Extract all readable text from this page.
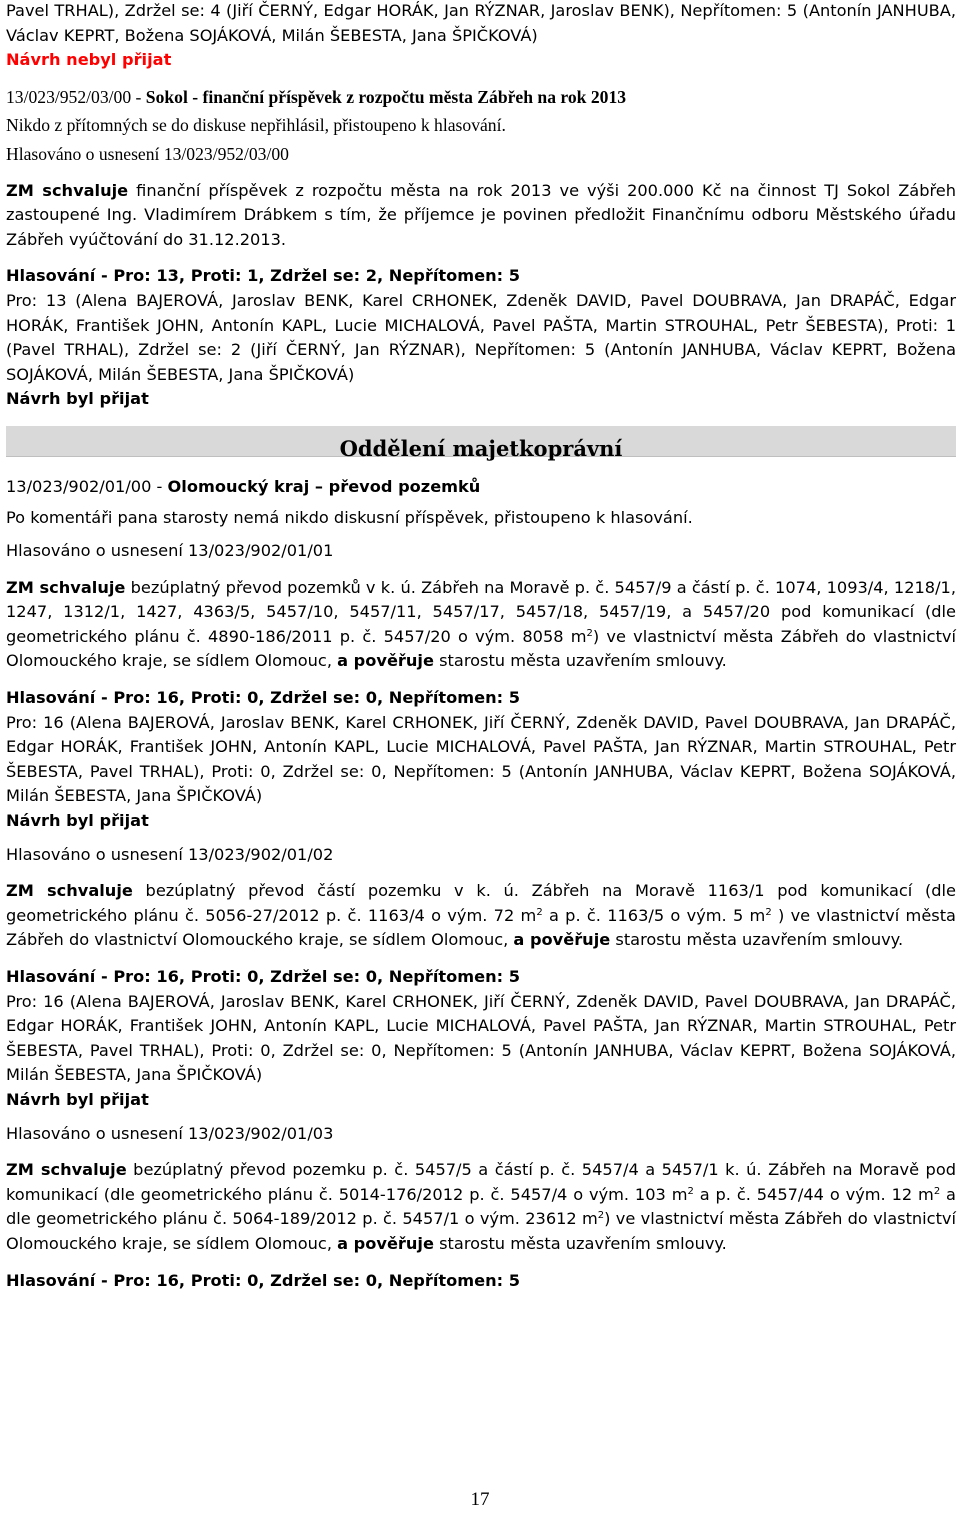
Pavel TRHAL), Zdržel se: 4 (Jiří ČERNÝ, Edgar HORÁK, Jan RÝZNAR, Jaroslav BENK), Nepřítomen: 5 (Antonín JANHUBA, Václav KEPRT, Božena SOJÁKOVÁ, Milán ŠEBESTA, Jana ŠPIČKOVÁ)

Návrh nebyl přijat

13/023/952/03/00 - Sokol - finanční příspěvek z rozpočtu města Zábřeh na rok 2013

Nikdo z přítomných se do diskuse nepřihlásil, přistoupeno k hlasování.

Hlasováno o usnesení 13/023/952/03/00

ZM schvaluje finanční příspěvek z rozpočtu města na rok 2013 ve výši 200.000 Kč na činnost TJ Sokol Zábřeh zastoupené Ing. Vladimírem Drábkem s tím, že příjemce je povinen předložit Finančnímu odboru Městského úřadu Zábřeh vyúčtování do 31.12.2013.

Hlasování - Pro: 13, Proti: 1, Zdržel se: 2, Nepřítomen: 5

Pro: 13 (Alena BAJEROVÁ, Jaroslav BENK, Karel CRHONEK, Zdeněk DAVID, Pavel DOUBRAVA, Jan DRAPÁČ, Edgar HORÁK, František JOHN, Antonín KAPL, Lucie MICHALOVÁ, Pavel PAŠTA, Martin STROUHAL, Petr ŠEBESTA), Proti: 1 (Pavel TRHAL), Zdržel se: 2 (Jiří ČERNÝ, Jan RÝZNAR), Nepřítomen: 5 (Antonín JANHUBA, Václav KEPRT, Božena SOJÁKOVÁ, Milán ŠEBESTA, Jana ŠPIČKOVÁ)

Návrh byl přijat

Oddělení majetkoprávní

13/023/902/01/00 - Olomoucký kraj – převod pozemků

Po komentáři pana starosty nemá nikdo diskusní příspěvek, přistoupeno k hlasování.

Hlasováno o usnesení 13/023/902/01/01

ZM schvaluje bezúplatný převod pozemků v k. ú. Zábřeh na Moravě p. č. 5457/9 a částí p. č. 1074, 1093/4, 1218/1, 1247, 1312/1, 1427, 4363/5, 5457/10, 5457/11, 5457/17, 5457/18, 5457/19, a 5457/20 pod komunikací (dle geometrického plánu č. 4890-186/2011 p. č. 5457/20 o vým. 8058 $m^2$) ve vlastnictví města Zábřeh do vlastnictví Olomouckého kraje, se sídlem Olomouc, a pověřuje starostu města uzavřením smlouvy.

Hlasování - Pro: 16, Proti: 0, Zdržel se: 0, Nepřítomen: 5

Pro: 16 (Alena BAJEROVÁ, Jaroslav BENK, Karel CRHONEK, Jiří ČERNÝ, Zdeněk DAVID, Pavel DOUBRAVA, Jan DRAPÁČ, Edgar HORÁK, František JOHN, Antonín KAPL, Lucie MICHALOVÁ, Pavel PAŠTA, Jan RÝZNAR, Martin STROUHAL, Petr ŠEBESTA, Pavel TRHAL), Proti: 0, Zdržel se: 0, Nepřítomen: 5 (Antonín JANHUBA, Václav KEPRT, Božena SOJÁKOVÁ, Milán ŠEBESTA, Jana ŠPIČKOVÁ)

Návrh byl přijat

Hlasováno o usnesení 13/023/902/01/02

ZM schvaluje bezúplatný převod částí pozemku v k. ú. Zábřeh na Moravě 1163/1 pod komunikací (dle geometrického plánu č. 5056-27/2012 p. č. 1163/4 o vým. 72 $m^2$ a p. č. 1163/5 o vým. 5 $m^2$ ) ve vlastnictví města Zábřeh do vlastnictví Olomouckého kraje, se sídlem Olomouc, a pověřuje starostu města uzavřením smlouvy.

Hlasování - Pro: 16, Proti: 0, Zdržel se: 0, Nepřítomen: 5

Pro: 16 (Alena BAJEROVÁ, Jaroslav BENK, Karel CRHONEK, Jiří ČERNÝ, Zdeněk DAVID, Pavel DOUBRAVA, Jan DRAPÁČ, Edgar HORÁK, František JOHN, Antonín KAPL, Lucie MICHALOVÁ, Pavel PAŠTA, Jan RÝZNAR, Martin STROUHAL, Petr ŠEBESTA, Pavel TRHAL), Proti: 0, Zdržel se: 0, Nepřítomen: 5 (Antonín JANHUBA, Václav KEPRT, Božena SOJÁKOVÁ, Milán ŠEBESTA, Jana ŠPIČKOVÁ)

Návrh byl přijat

Hlasováno o usnesení 13/023/902/01/03

ZM schvaluje bezúplatný převod pozemku p. č. 5457/5 a částí p. č. 5457/4 a 5457/1 k. ú. Zábřeh na Moravě pod komunikací (dle geometrického plánu č. 5014-176/2012 p. č. 5457/4 o vým. 103 $m^2$ a p. č. 5457/44 o vým. 12 $m^2$ a dle geometrického plánu č. 5064-189/2012 p. č. 5457/1 o vým. 23612 $m^2$) ve vlastnictví města Zábřeh do vlastnictví Olomouckého kraje, se sídlem Olomouc, a pověřuje starostu města uzavřením smlouvy.

Hlasování - Pro: 16, Proti: 0, Zdržel se: 0, Nepřítomen: 5

17
